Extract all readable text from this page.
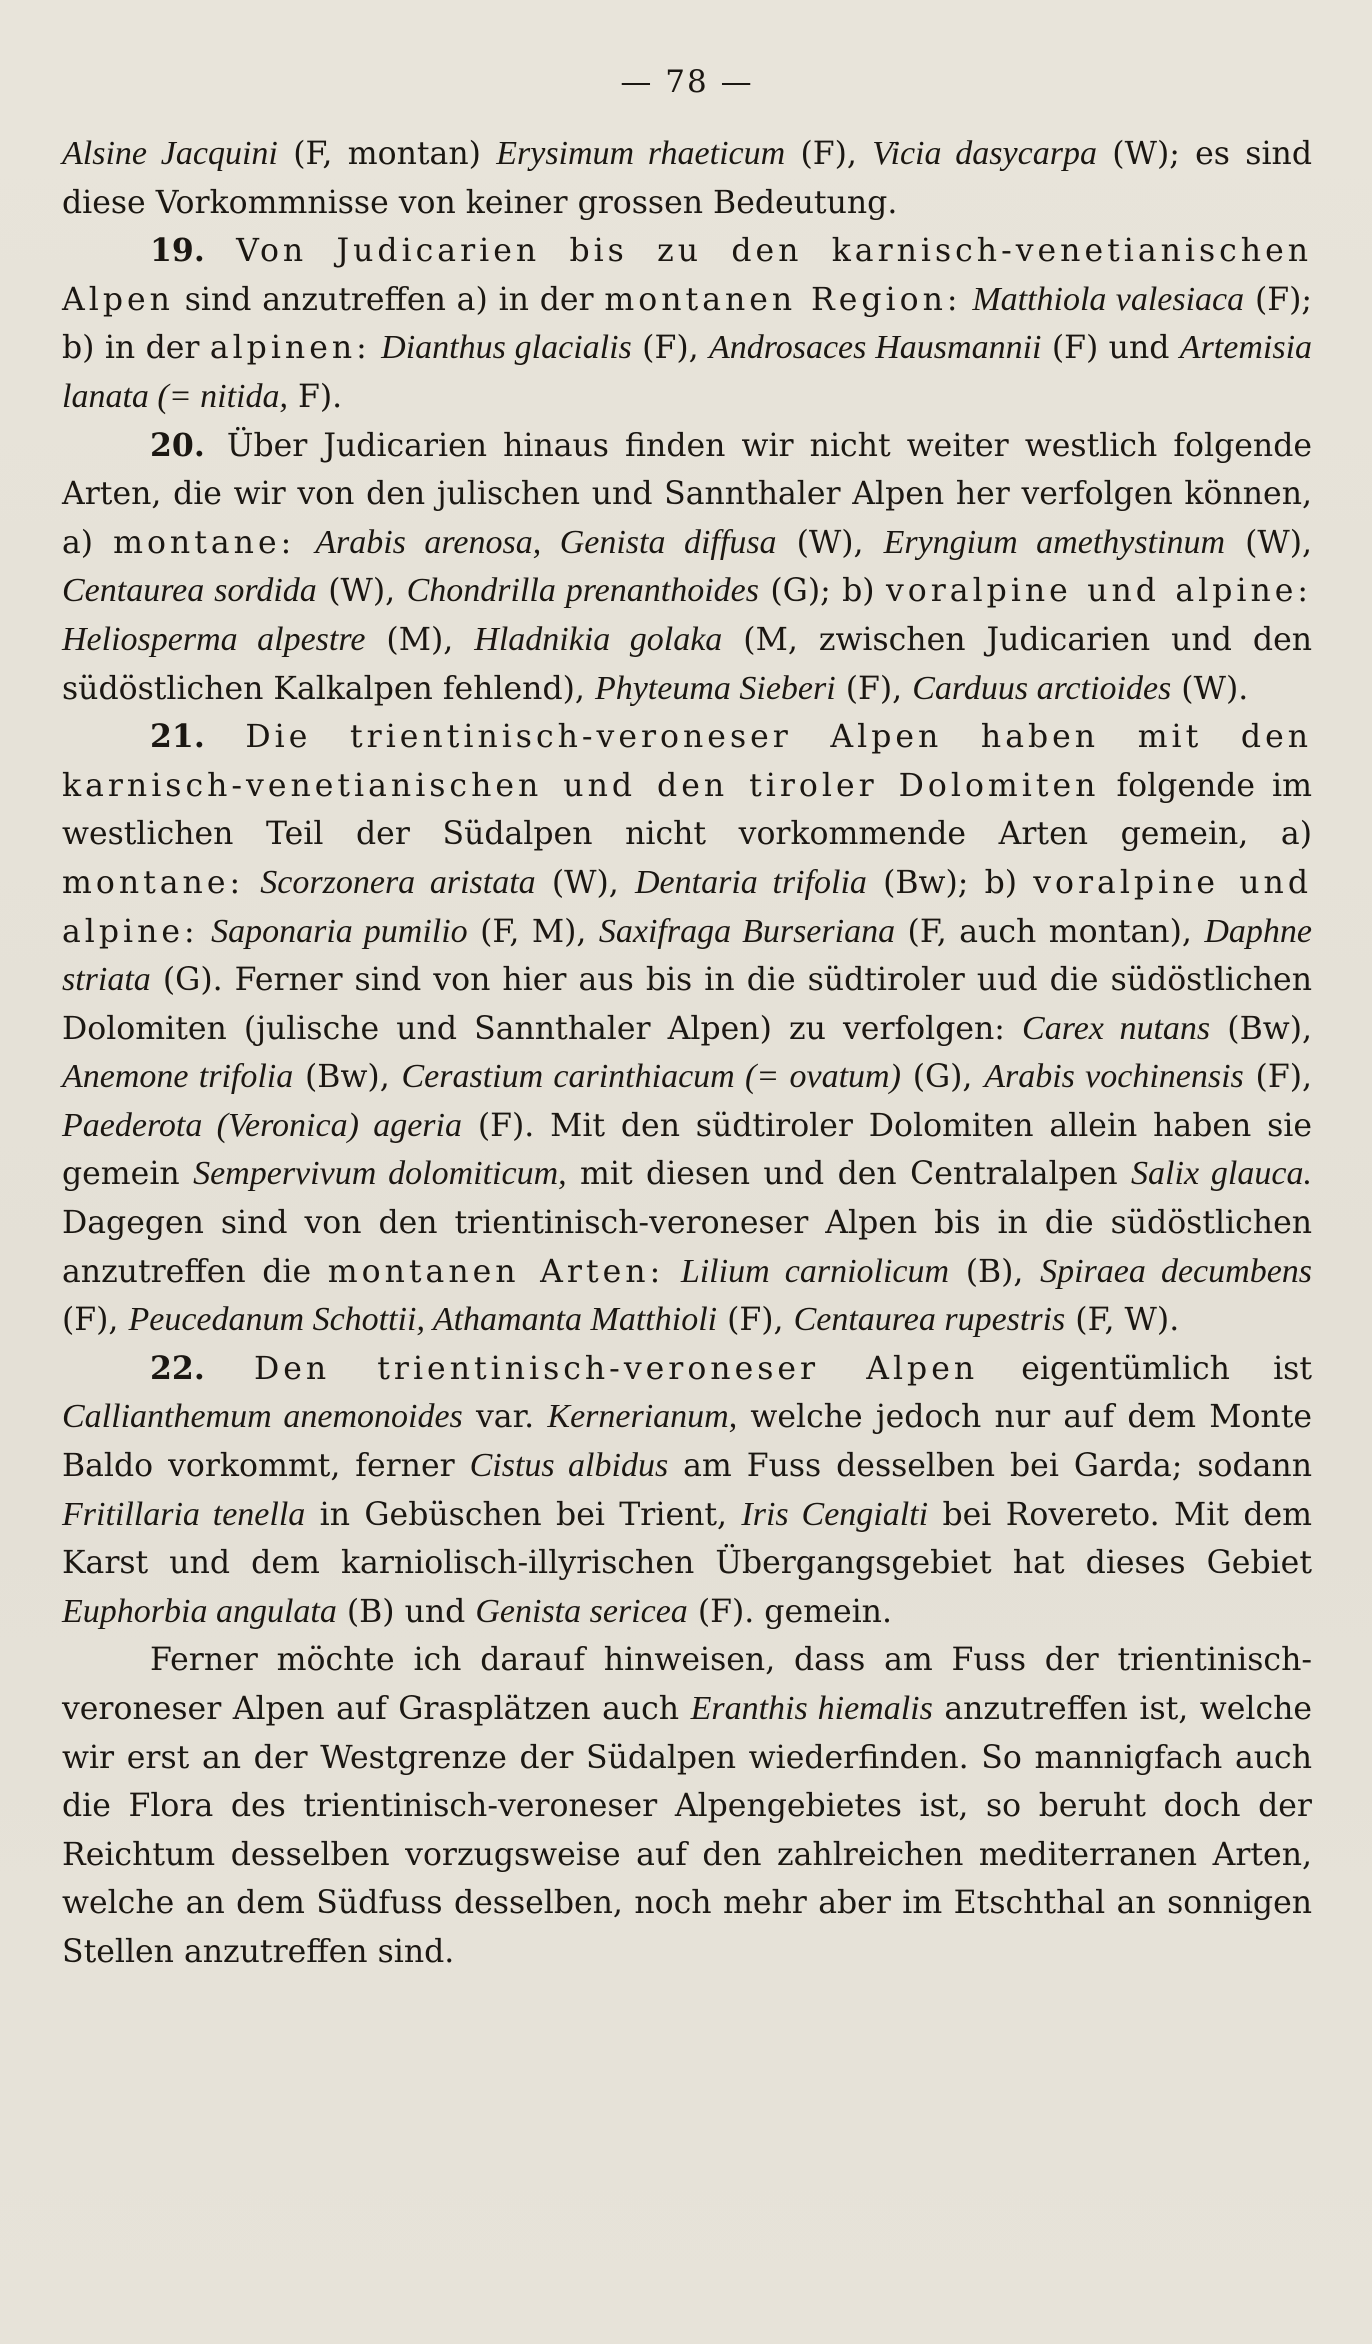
— 78 —

Alsine Jacquini (F, montan) Erysimum rhaeticum (F), Vicia dasycarpa (W); es sind diese Vorkommnisse von keiner grossen Bedeutung.

19. Von Judicarien bis zu den karnisch-venetianischen Alpen sind anzutreffen a) in der montanen Region: Matthiola valesiaca (F); b) in der alpinen: Dianthus glacialis (F), Androsaces Hausmannii (F) und Artemisia lanata (= nitida, F).

20. Über Judicarien hinaus finden wir nicht weiter westlich folgende Arten, die wir von den julischen und Sannthaler Alpen her verfolgen können, a) montane: Arabis arenosa, Genista diffusa (W), Eryngium amethystinum (W), Centaurea sordida (W), Chondrilla prenanthoides (G); b) voralpine und alpine: Heliosperma alpestre (M), Hladnikia golaka (M, zwischen Judicarien und den südöstlichen Kalkalpen fehlend), Phyteuma Sieberi (F), Carduus arctioides (W).

21. Die trientinisch-veroneser Alpen haben mit den karnisch-venetianischen und den tiroler Dolomiten folgende im westlichen Teil der Südalpen nicht vorkommende Arten gemein, a) montane: Scorzonera aristata (W), Dentaria trifolia (Bw); b) voralpine und alpine: Saponaria pumilio (F, M), Saxifraga Burseriana (F, auch montan), Daphne striata (G). Ferner sind von hier aus bis in die südtiroler uud die südöstlichen Dolomiten (julische und Sannthaler Alpen) zu verfolgen: Carex nutans (Bw), Anemone trifolia (Bw), Cerastium carinthiacum (= ovatum) (G), Arabis vochinensis (F), Paederota (Veronica) ageria (F). Mit den südtiroler Dolomiten allein haben sie gemein Sempervivum dolomiticum, mit diesen und den Centralalpen Salix glauca. Dagegen sind von den trientinisch-veroneser Alpen bis in die südöstlichen anzutreffen die montanen Arten: Lilium carniolicum (B), Spiraea decumbens (F), Peucedanum Schottii, Athamanta Matthioli (F), Centaurea rupestris (F, W).

22. Den trientinisch-veroneser Alpen eigentümlich ist Callianthemum anemonoides var. Kernerianum, welche jedoch nur auf dem Monte Baldo vorkommt, ferner Cistus albidus am Fuss desselben bei Garda; sodann Fritillaria tenella in Gebüschen bei Trient, Iris Cengialti bei Rovereto. Mit dem Karst und dem karniolisch-illyrischen Übergangsgebiet hat dieses Gebiet Euphorbia angulata (B) und Genista sericea (F). gemein.

Ferner möchte ich darauf hinweisen, dass am Fuss der trientinisch-veroneser Alpen auf Grasplätzen auch Eranthis hiemalis anzutreffen ist, welche wir erst an der Westgrenze der Südalpen wiederfinden. So mannigfach auch die Flora des trientinisch-veroneser Alpengebietes ist, so beruht doch der Reichtum desselben vorzugsweise auf den zahlreichen mediterranen Arten, welche an dem Südfuss desselben, noch mehr aber im Etschthal an sonnigen Stellen anzutreffen sind.
